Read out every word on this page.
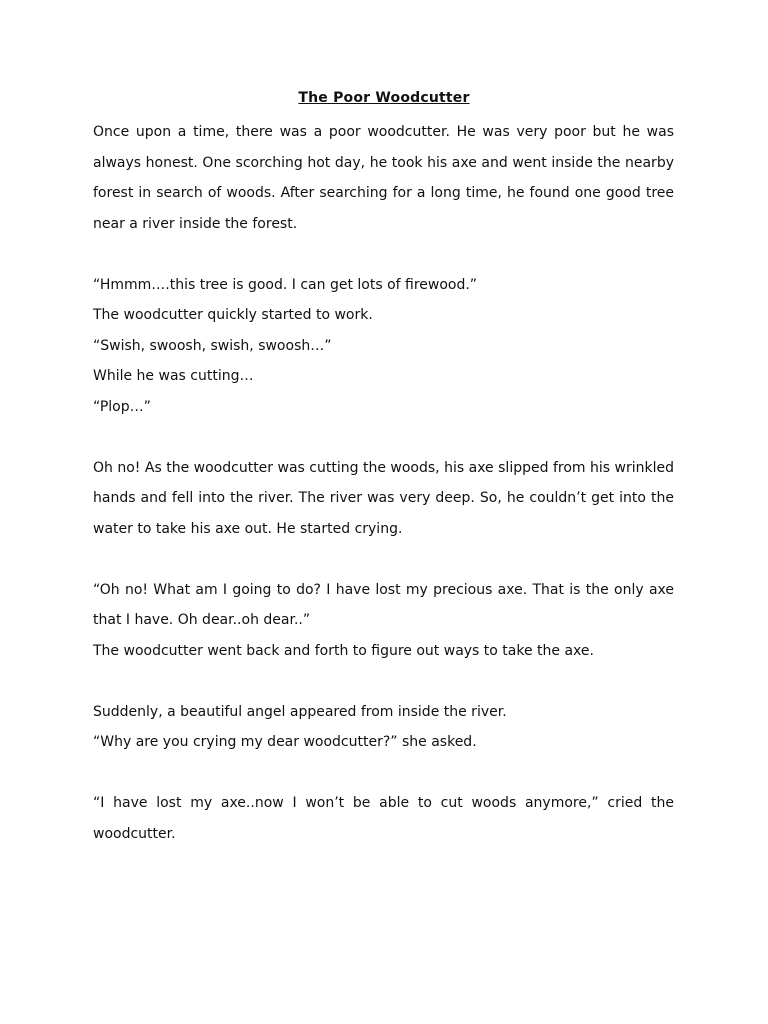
The Poor Woodcutter

Once upon a time, there was a poor woodcutter. He was very poor but he was always honest. One scorching hot day, he took his axe and went inside the nearby forest in search of woods. After searching for a long time, he found one good tree near a river inside the forest.

“Hmmm….this tree is good. I can get lots of firewood.”

The woodcutter quickly started to work.

“Swish, swoosh, swish, swoosh…”

While he was cutting…

“Plop…”

Oh no! As the woodcutter was cutting the woods, his axe slipped from his wrinkled hands and fell into the river. The river was very deep. So, he couldn’t get into the water to take his axe out. He started crying.

“Oh no! What am I going to do? I have lost my precious axe. That is the only axe that I have. Oh dear..oh dear..”

The woodcutter went back and forth to figure out ways to take the axe.

Suddenly, a beautiful angel appeared from inside the river.

“Why are you crying my dear woodcutter?” she asked.

“I have lost my axe..now I won’t be able to cut woods anymore,” cried the woodcutter.
